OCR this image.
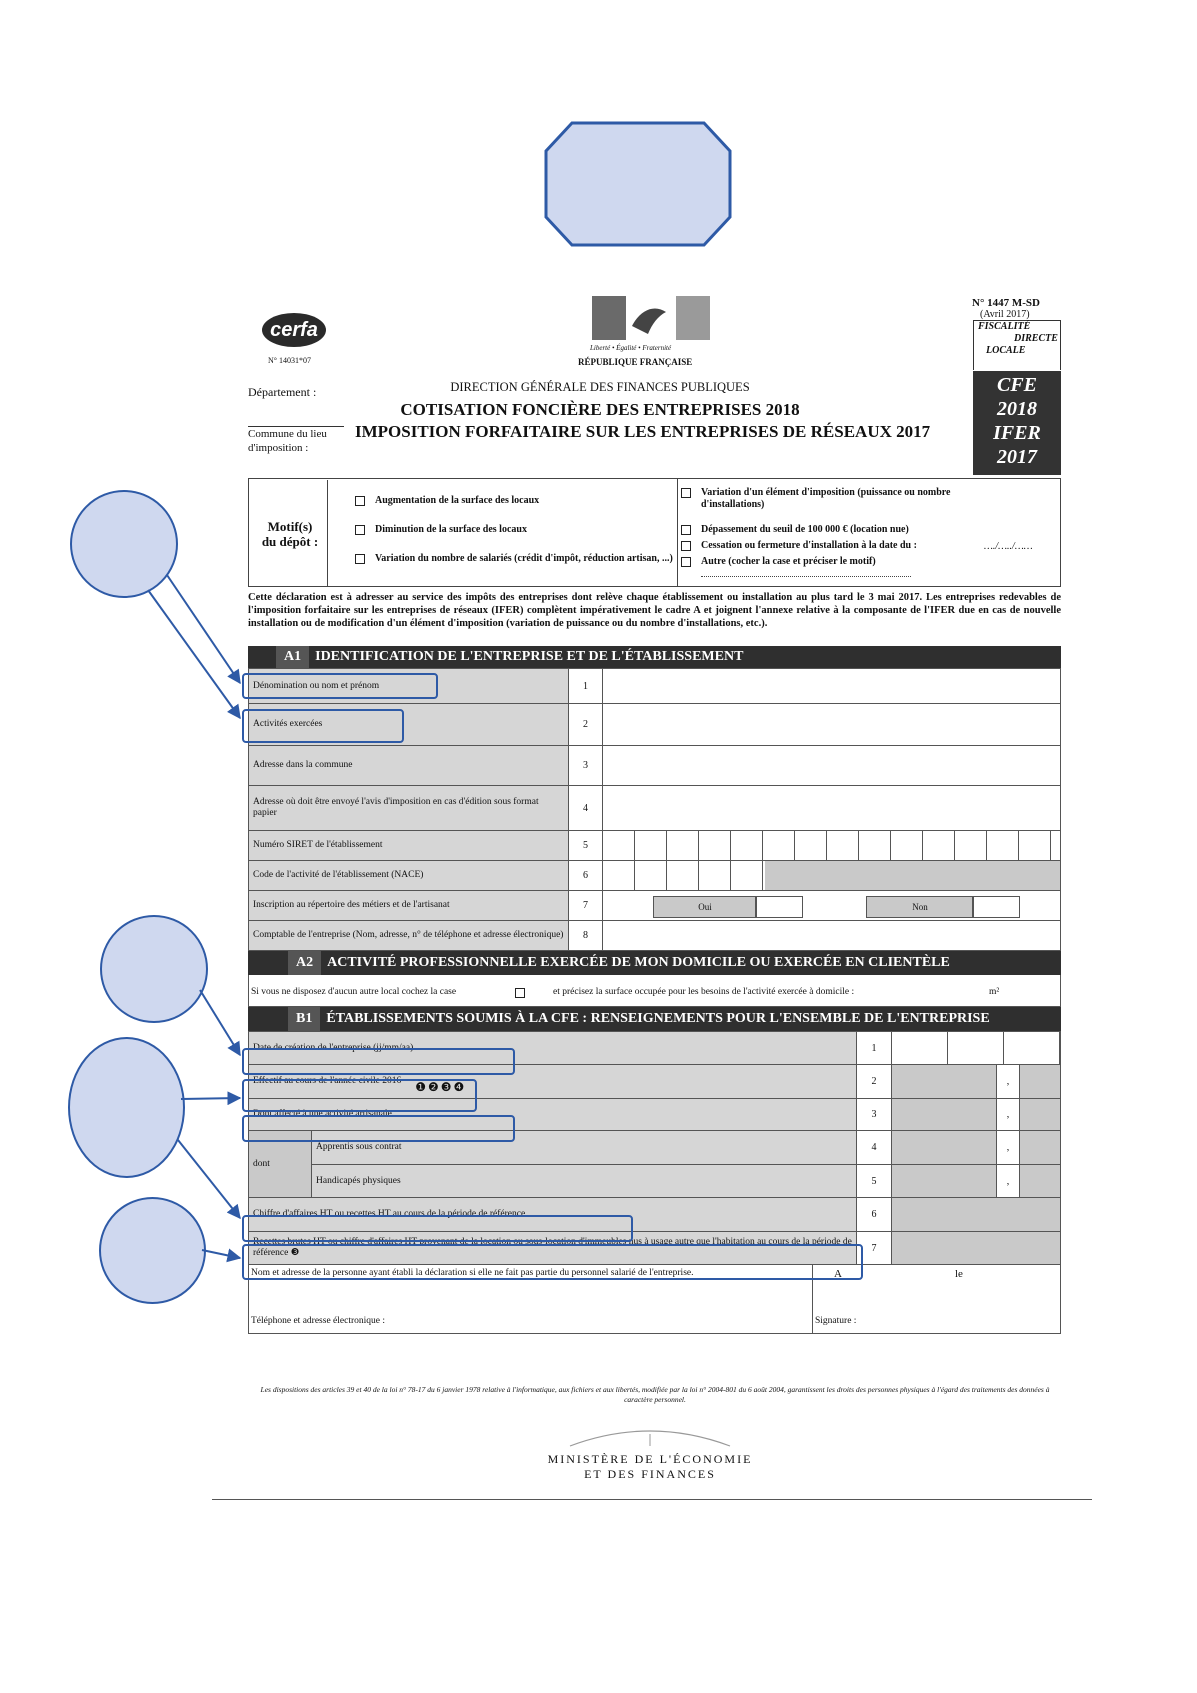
cerfa
N° 14031*07
Liberté • Égalité • Fraternité
RÉPUBLIQUE FRANÇAISE
N° 1447 M-SD
(Avril 2017)
FISCALITÉ
DIRECTE
LOCALE
CFE
2018
IFER
2017
Département :
Commune du lieu d'imposition :
DIRECTION GÉNÉRALE DES FINANCES PUBLIQUES
COTISATION FONCIÈRE DES ENTREPRISES 2018
IMPOSITION FORFAITAIRE SUR LES ENTREPRISES DE RÉSEAUX 2017
Motif(s) du dépôt :
Augmentation de la surface des locaux
Diminution de la surface des locaux
Variation du nombre de salariés (crédit d'impôt, réduction artisan, ...)
Variation d'un élément d'imposition (puissance ou nombre d'installations)
Dépassement du seuil de 100 000 € (location nue)
Cessation ou fermeture d'installation à la date du :	…./…../……
Autre (cocher la case et préciser le motif)
Cette déclaration est à adresser au service des impôts des entreprises dont relève chaque établissement ou installation au plus tard le 3 mai 2017. Les entreprises redevables de l'imposition forfaitaire sur les entreprises de réseaux (IFER) complètent impérativement le cadre A et joignent l'annexe relative à la composante de l'IFER due en cas de nouvelle installation ou de modification d'un élément d'imposition (variation de puissance ou du nombre d'installations, etc.).
A1 IDENTIFICATION DE L'ENTREPRISE ET DE L'ÉTABLISSEMENT
Dénomination ou nom et prénom	1
Activités exercées	2
Adresse dans la commune	3
Adresse où doit être envoyé l'avis d'imposition en cas d'édition sous format papier	4
Numéro SIRET de l'établissement	5
Code de l'activité de l'établissement (NACE)	6
Inscription au répertoire des métiers et de l'artisanat	7	Oui	Non
Comptable de l'entreprise (Nom, adresse, n° de téléphone et adresse électronique)	8
A2 ACTIVITÉ PROFESSIONNELLE EXERCÉE DE MON DOMICILE OU EXERCÉE EN CLIENTÈLE
Si vous ne disposez d'aucun autre local cochez la case	et précisez la surface occupée pour les besoins de l'activité exercée à domicile :	m²
B1 ÉTABLISSEMENTS SOUMIS À LA CFE : RENSEIGNEMENTS POUR L'ENSEMBLE DE L'ENTREPRISE
Date de création de l'entreprise (jj/mm/aa)	1
Effectif au cours de l'année civile 2016 ❶❷❸❹	2	,
Dont affecté à une activité artisanale	3	,
dont
Apprentis sous contrat	4	,
Handicapés physiques	5	,
Chiffre d'affaires HT ou recettes HT au cours de la période de référence	6
Recettes brutes HT ou chiffre d'affaires HT provenant de la location ou sous-location d'immeubles nus à usage autre que l'habitation au cours de la période de référence ❸	7
Nom et adresse de la personne ayant établi la déclaration si elle ne fait pas partie du personnel salarié de l'entreprise.	A	le
Téléphone et adresse électronique :	Signature :
Les dispositions des articles 39 et 40 de la loi n° 78-17 du 6 janvier 1978 relative à l'informatique, aux fichiers et aux libertés, modifiée par la loi n° 2004-801 du 6 août 2004, garantissent les droits des personnes physiques à l'égard des traitements des données à caractère personnel.
MINISTÈRE DE L'ÉCONOMIE
ET DES FINANCES
